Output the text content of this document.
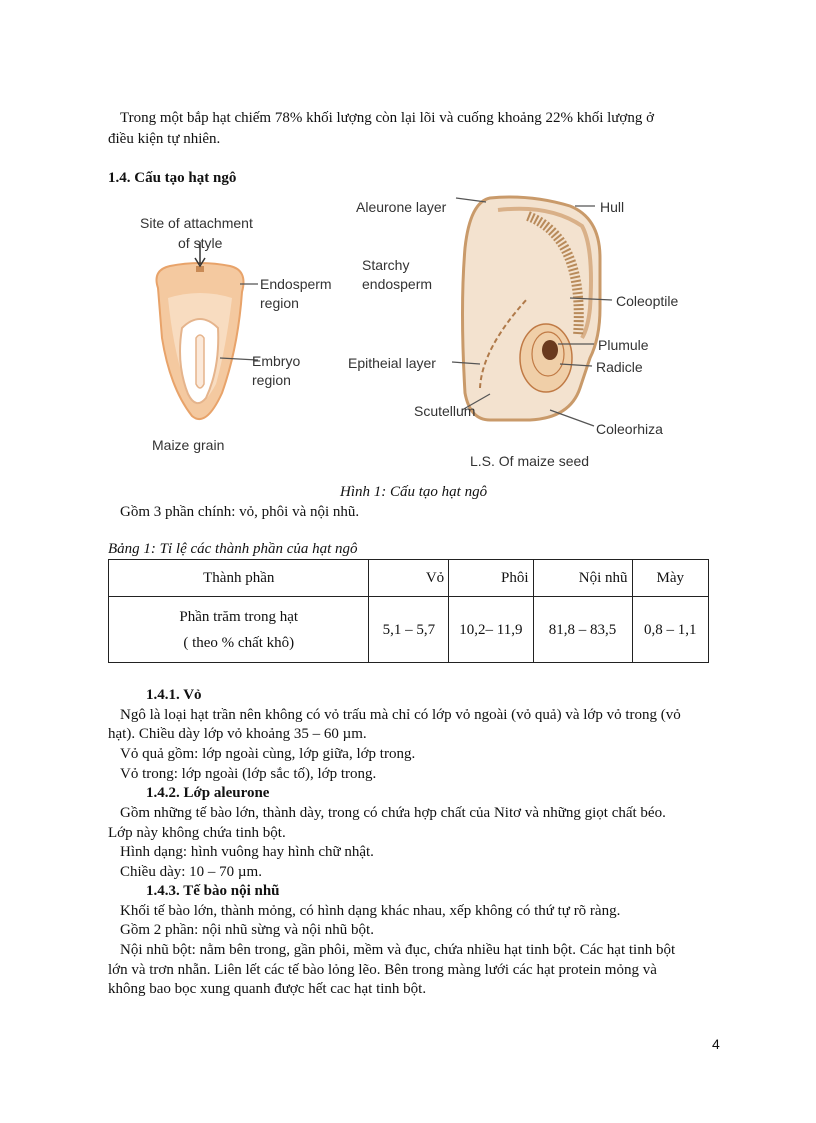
Trong một bắp hạt chiếm 78% khối lượng còn lại lõi và cuống khoảng 22% khối lượng ở
điều kiện tự nhiên.
1.4. Cấu tạo hạt ngô
Site of attachment
of style
Endosperm
region
Embryo
region
Maize grain
Aleurone layer	Hull
Starchy
endosperm
Coleoptile
Plumule
Epitheial layer	Radicle
Scutellum
Coleorhiza
L.S. Of maize seed
Hình 1: Cấu tạo hạt ngô
Gồm 3 phần chính: vỏ, phôi và nội nhũ.
Bảng 1: Tỉ lệ các thành phần của hạt ngô
Thành phần	Vỏ	Phôi	Nội nhũ	Mày

Phần trăm trong hạt
( theo % chất khô)	5,1 – 5,7	10,2– 11,9	81,8 – 83,5	0,8 – 1,1
1.4.1. Vỏ
Ngô là loại hạt trần nên không có vỏ trấu mà chỉ có lớp vỏ ngoài (vỏ quả) và lớp vỏ trong (vỏ
hạt). Chiều dày lớp vỏ khoảng 35 – 60 µm.
Vỏ quả gồm: lớp ngoài cùng, lớp giữa, lớp trong.
Vỏ trong: lớp ngoài (lớp sắc tố), lớp trong.
1.4.2. Lớp aleurone
Gồm những tế bào lớn, thành dày, trong có chứa hợp chất của Nitơ và những giọt chất béo.
Lớp này không chứa tinh bột.
Hình dạng: hình vuông hay hình chữ nhật.
Chiều dày: 10 – 70 µm.
1.4.3. Tế bào nội nhũ
Khối tế bào lớn, thành mỏng, có hình dạng khác nhau, xếp không có thứ tự rõ ràng.
Gồm 2 phần: nội nhũ sừng và nội nhũ bột.
Nội nhũ bột: nằm bên trong, gần phôi, mềm và đục, chứa nhiều hạt tinh bột. Các hạt tinh bột
lớn và trơn nhẵn. Liên lết các tế bào lỏng lẽo. Bên trong màng lưới các hạt protein mỏng và
không bao bọc xung quanh được hết cac hạt tinh bột.
4
